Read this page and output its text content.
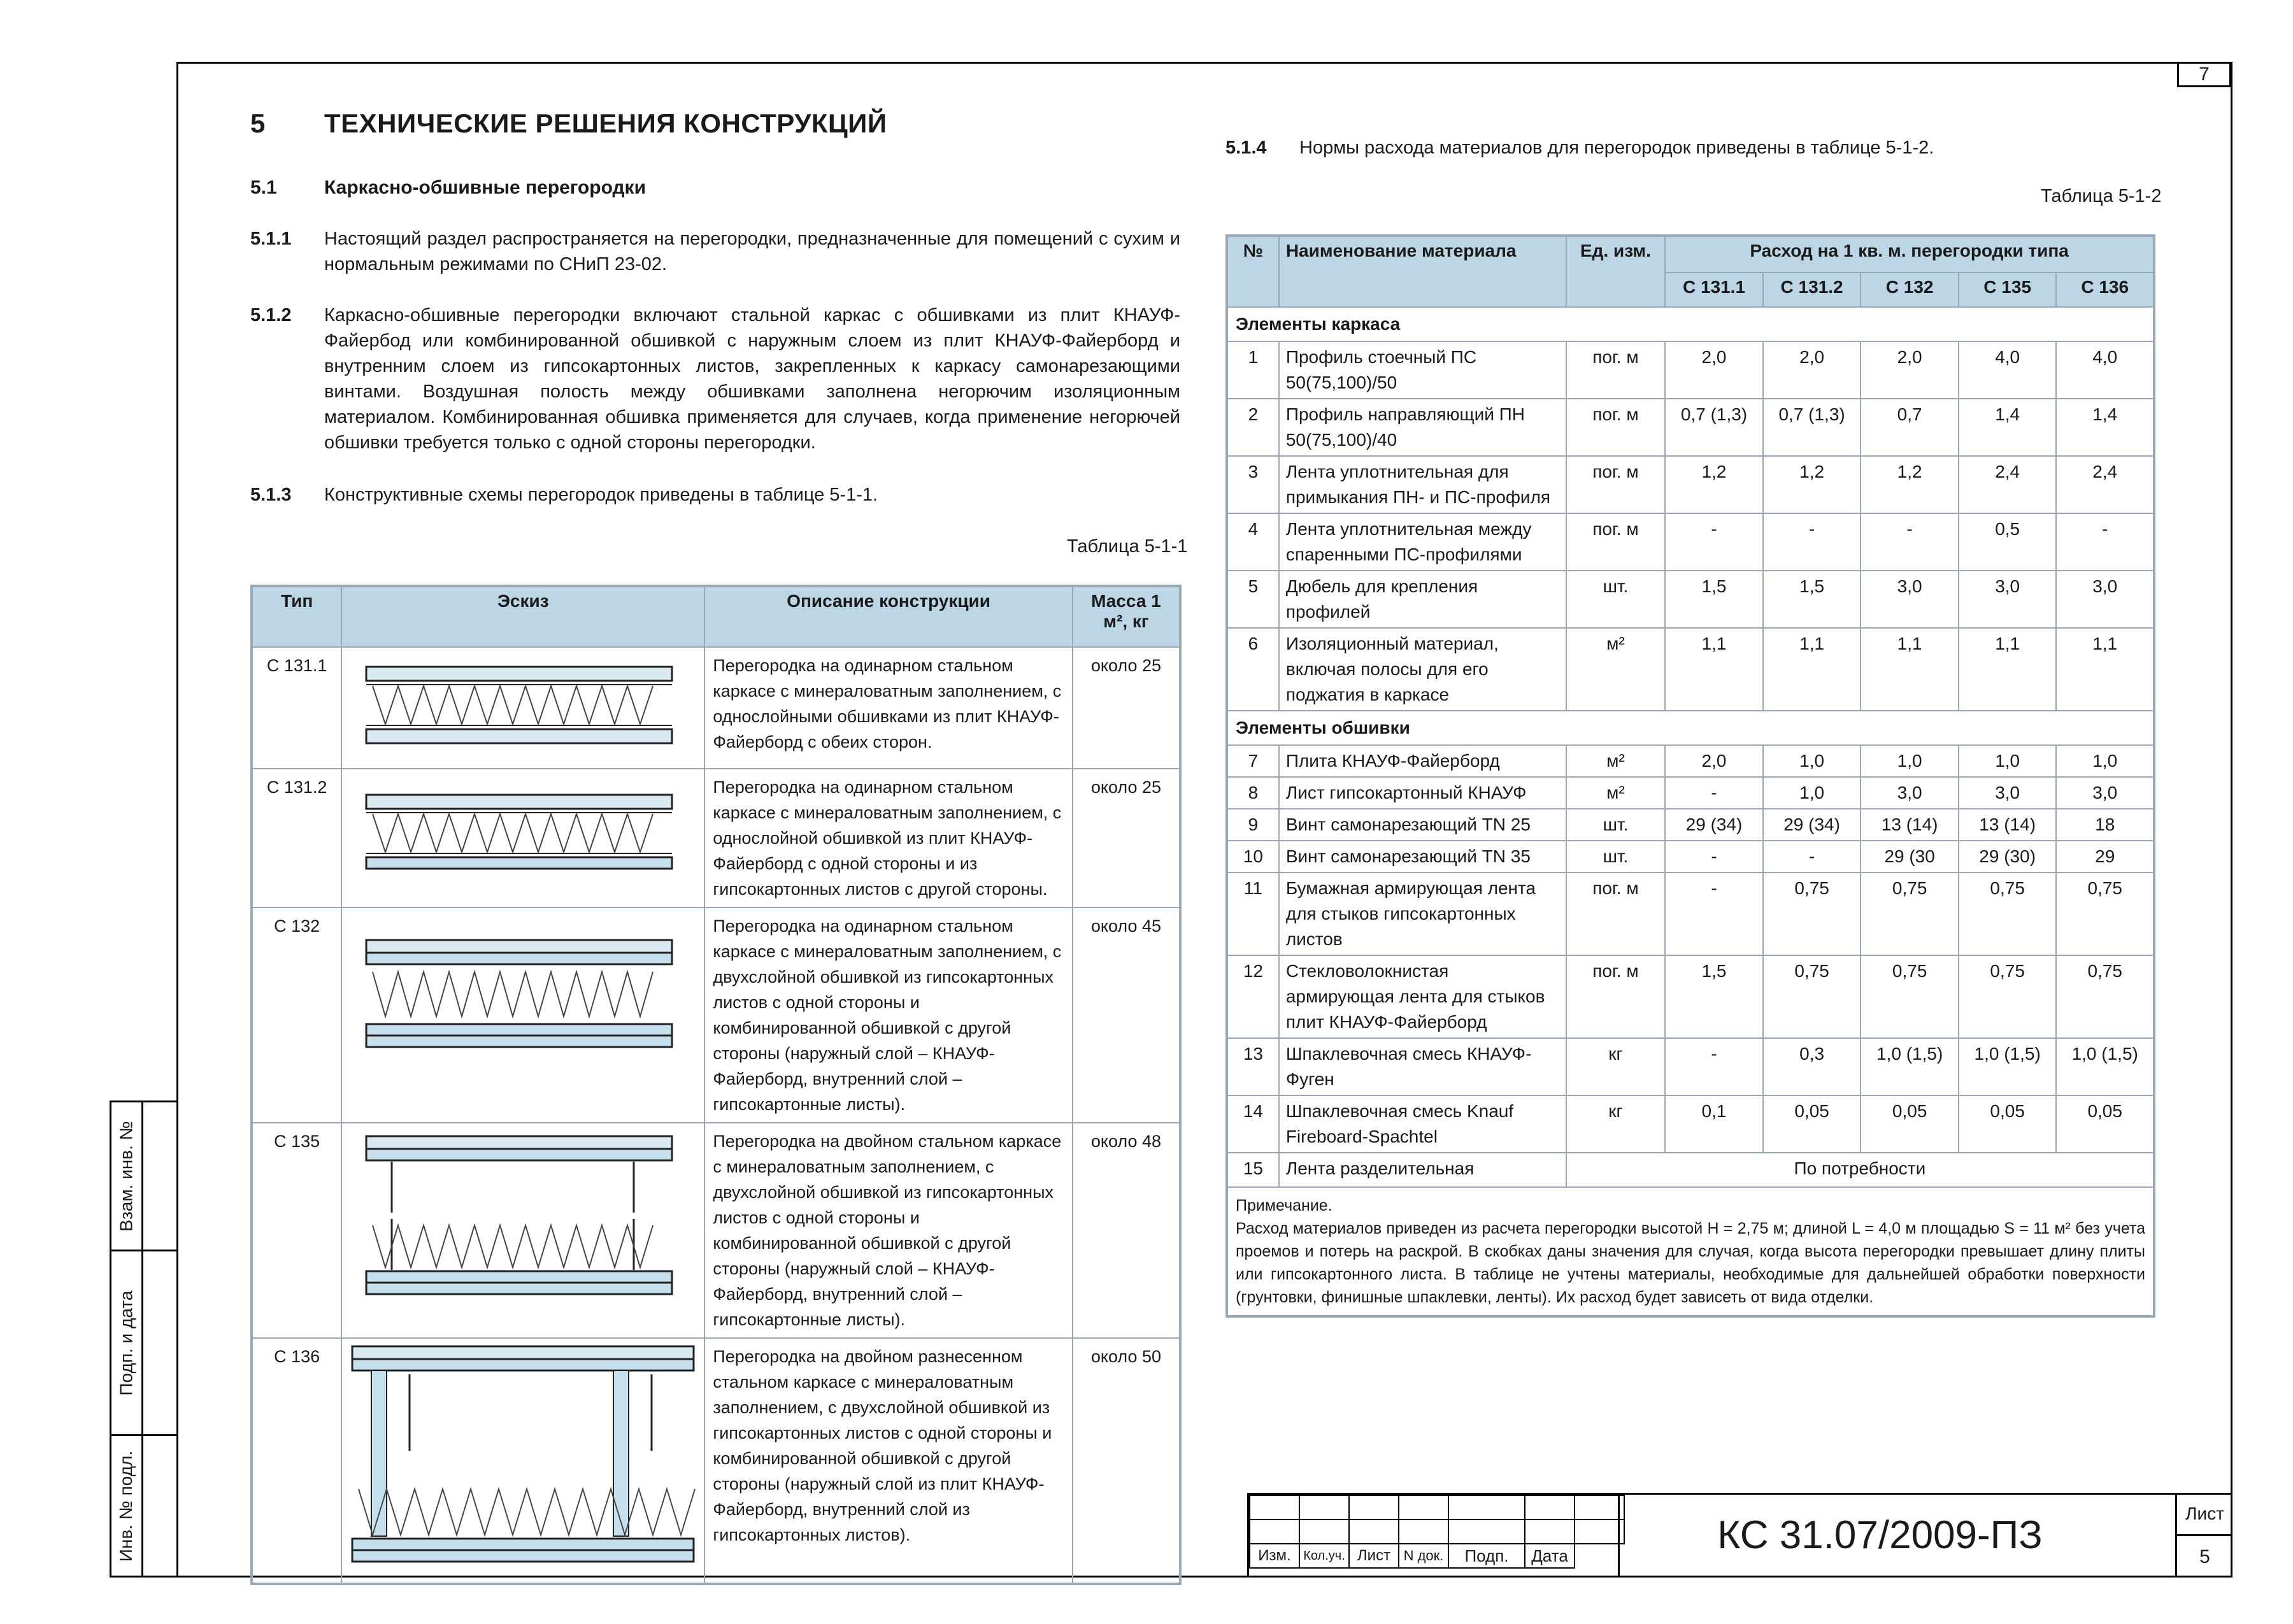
7
Взам. инв. №
Подп. и дата
Инв. № подл.
5 ТЕХНИЧЕСКИЕ РЕШЕНИЯ КОНСТРУКЦИЙ
5.1 Каркасно-обшивные перегородки
5.1.1	Настоящий раздел распространяется на перегородки, предназначенные для помещений с сухим и нормальным режимами по СНиП 23-02.
5.1.2	Каркасно-обшивные перегородки включают стальной каркас с обшивками из плит КНАУФ-Файербод или комбинированной обшивкой с наружным слоем из плит КНАУФ-Файерборд и внутренним слоем из гипсокартонных листов, закрепленных к каркасу самонарезающими винтами. Воздушная полость между обшивками заполнена негорючим изоляционным материалом. Комбинированная обшивка применяется для случаев, когда применение негорючей обшивки требуется только с одной стороны перегородки.
5.1.3	Конструктивные схемы перегородок приведены в таблице 5-1-1.
5.1.4	Нормы расхода материалов для перегородок приведены в таблице 5-1-2.
Таблица 5-1-1
Таблица 5-1-2
Тип	Эскиз	Описание конструкции	Масса 1 м², кг
С 131.1		Перегородка на одинарном стальном каркасе с минераловатным заполнением, с однослойными обшивками из плит КНАУФ-Файерборд с обеих сторон.	около 25
С 131.2		Перегородка на одинарном стальном каркасе с минераловатным заполнением, с однослойной обшивкой из плит КНАУФ-Файерборд с одной стороны и из гипсокартонных листов с другой стороны.	около 25
С 132		Перегородка на одинарном стальном каркасе с минераловатным заполнением, с двухслойной обшивкой из гипсокартонных листов с одной стороны и комбинированной обшивкой с другой стороны (наружный слой – КНАУФ-Файерборд, внутренний слой – гипсокартонные листы).	около 45
С 135		Перегородка на двойном стальном каркасе с минераловатным заполнением, с двухслойной обшивкой из гипсокартонных листов с одной стороны и комбинированной обшивкой с другой стороны (наружный слой – КНАУФ-Файерборд, внутренний слой – гипсокартонные листы).	около 48
С 136		Перегородка на двойном разнесенном стальном каркасе с минераловатным заполнением, с двухслойной обшивкой из гипсокартонных листов с одной стороны и комбинированной обшивкой с другой стороны (наружный слой из плит КНАУФ-Файерборд, внутренний слой из гипсокартонных листов).	около 50
№	Наименование материала	Ед. изм.	Расход на 1 кв. м. перегородки типа				
			С 131.1	С 131.2	С 132	С 135	С 136
Элементы каркаса							
1	Профиль стоечный ПС 50(75,100)/50	пог. м	2,0	2,0	2,0	4,0	4,0
2	Профиль направляющий ПН 50(75,100)/40	пог. м	0,7 (1,3)	0,7 (1,3)	0,7	1,4	1,4
3	Лента уплотнительная для примыкания ПН- и ПС-профиля	пог. м	1,2	1,2	1,2	2,4	2,4
4	Лента уплотнительная между спаренными ПС-профилями	пог. м	-	-	-	0,5	-
5	Дюбель для крепления профилей	шт.	1,5	1,5	3,0	3,0	3,0
6	Изоляционный материал, включая полосы для его поджатия в каркасе	м²	1,1	1,1	1,1	1,1	1,1
Элементы обшивки							
7	Плита КНАУФ-Файерборд	м²	2,0	1,0	1,0	1,0	1,0
8	Лист гипсокартонный КНАУФ	м²	-	1,0	3,0	3,0	3,0
9	Винт самонарезающий TN 25	шт.	29 (34)	29 (34)	13 (14)	13 (14)	18
10	Винт самонарезающий TN 35	шт.	-	-	29 (30	29 (30)	29
11	Бумажная армирующая лента для стыков гипсокартонных листов	пог. м	-	0,75	0,75	0,75	0,75
12	Стекловолокнистая армирующая лента для стыков плит КНАУФ-Файерборд	пог. м	1,5	0,75	0,75	0,75	0,75
13	Шпаклевочная смесь КНАУФ-Фуген	кг	-	0,3	1,0 (1,5)	1,0 (1,5)	1,0 (1,5)
14	Шпаклевочная смесь Knauf Fireboard-Spachtel	кг	0,1	0,05	0,05	0,05	0,05
15	Лента разделительная	По потребности					

Примечание.
Расход материалов приведен из расчета перегородки высотой Н = 2,75 м; длиной L = 4,0 м площадью S = 11 м² без учета проемов и потерь на раскрой. В скобках даны значения для случая, когда высота перегородки превышает длину плиты или гипсокартонного листа. В таблице не учтены материалы, необходимые для дальнейшей обработки поверхности (грунтовки, финишные шпаклевки, ленты). Их расход будет зависеть от вида отделки.							

Изм.	Кол.уч.	Лист	N док.	Подп.	Дата		КС 31.07/2009-ПЗ	Лист
5
